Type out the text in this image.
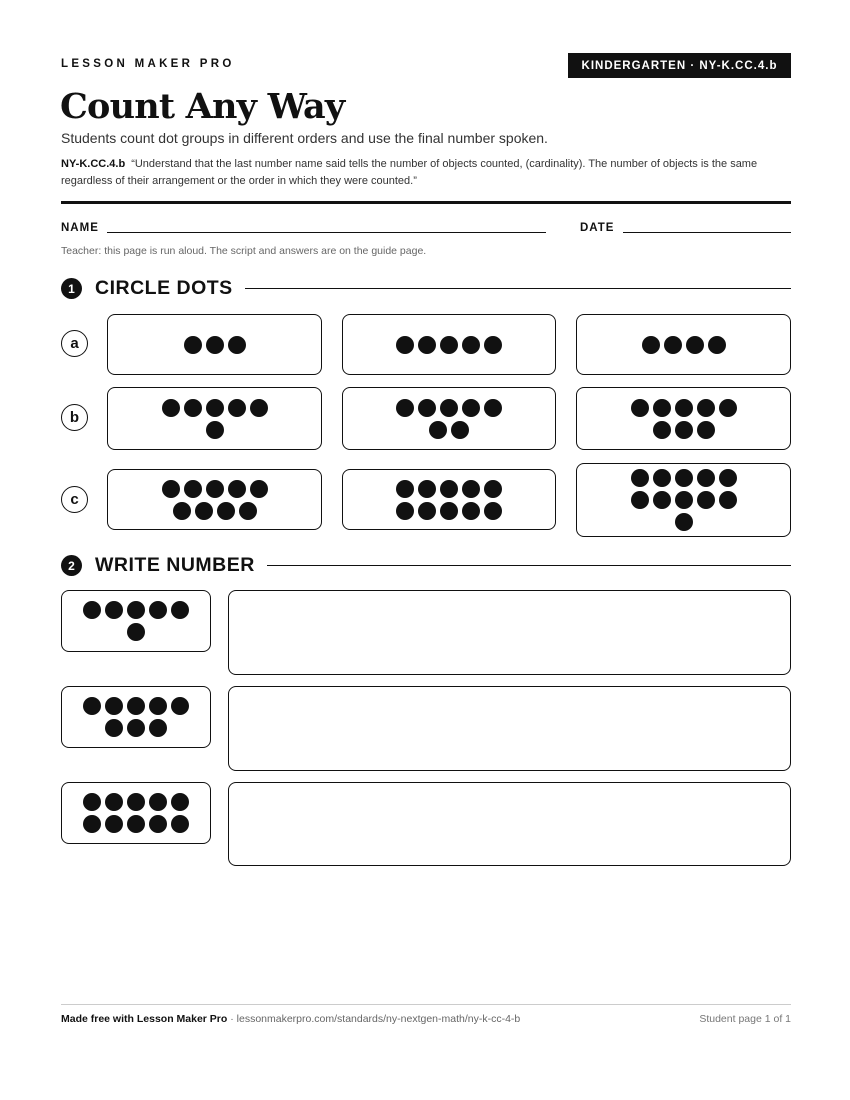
LESSON MAKER PRO	KINDERGARTEN · NY-K.CC.4.b
Count Any Way
Students count dot groups in different orders and use the final number spoken.
NY-K.CC.4.b “Understand that the last number name said tells the number of objects counted, (cardinality). The number of objects is the same regardless of their arrangement or the order in which they were counted.”
NAME	DATE
Teacher: this page is run aloud. The script and answers are on the guide page.
1	CIRCLE DOTS
a
b
c
2	WRITE NUMBER
Made free with Lesson Maker Pro · lessonmakerpro.com/standards/ny-nextgen-math/ny-k-cc-4-b	Student page 1 of 1
